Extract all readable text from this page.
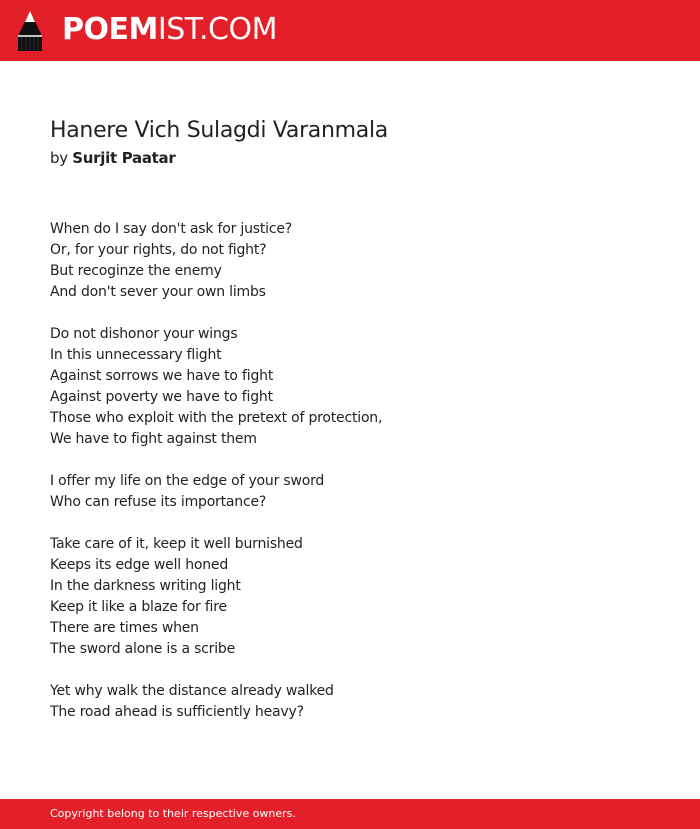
POEMIST.COM
Hanere Vich Sulagdi Varanmala
by Surjit Paatar
When do I say don't ask for justice?
Or, for your rights, do not fight?
But recoginze the enemy
And don't sever your own limbs
Do not dishonor your wings
In this unnecessary flight
Against sorrows we have to fight
Against poverty we have to fight
Those who exploit with the pretext of protection,
We have to fight against them
I offer my life on the edge of your sword
Who can refuse its importance?
Take care of it, keep it well burnished
Keeps its edge well honed
In the darkness writing light
Keep it like a blaze for fire
There are times when
The sword alone is a scribe
Yet why walk the distance already walked
The road ahead is sufficiently heavy?
Copyright belong to their respective owners.
